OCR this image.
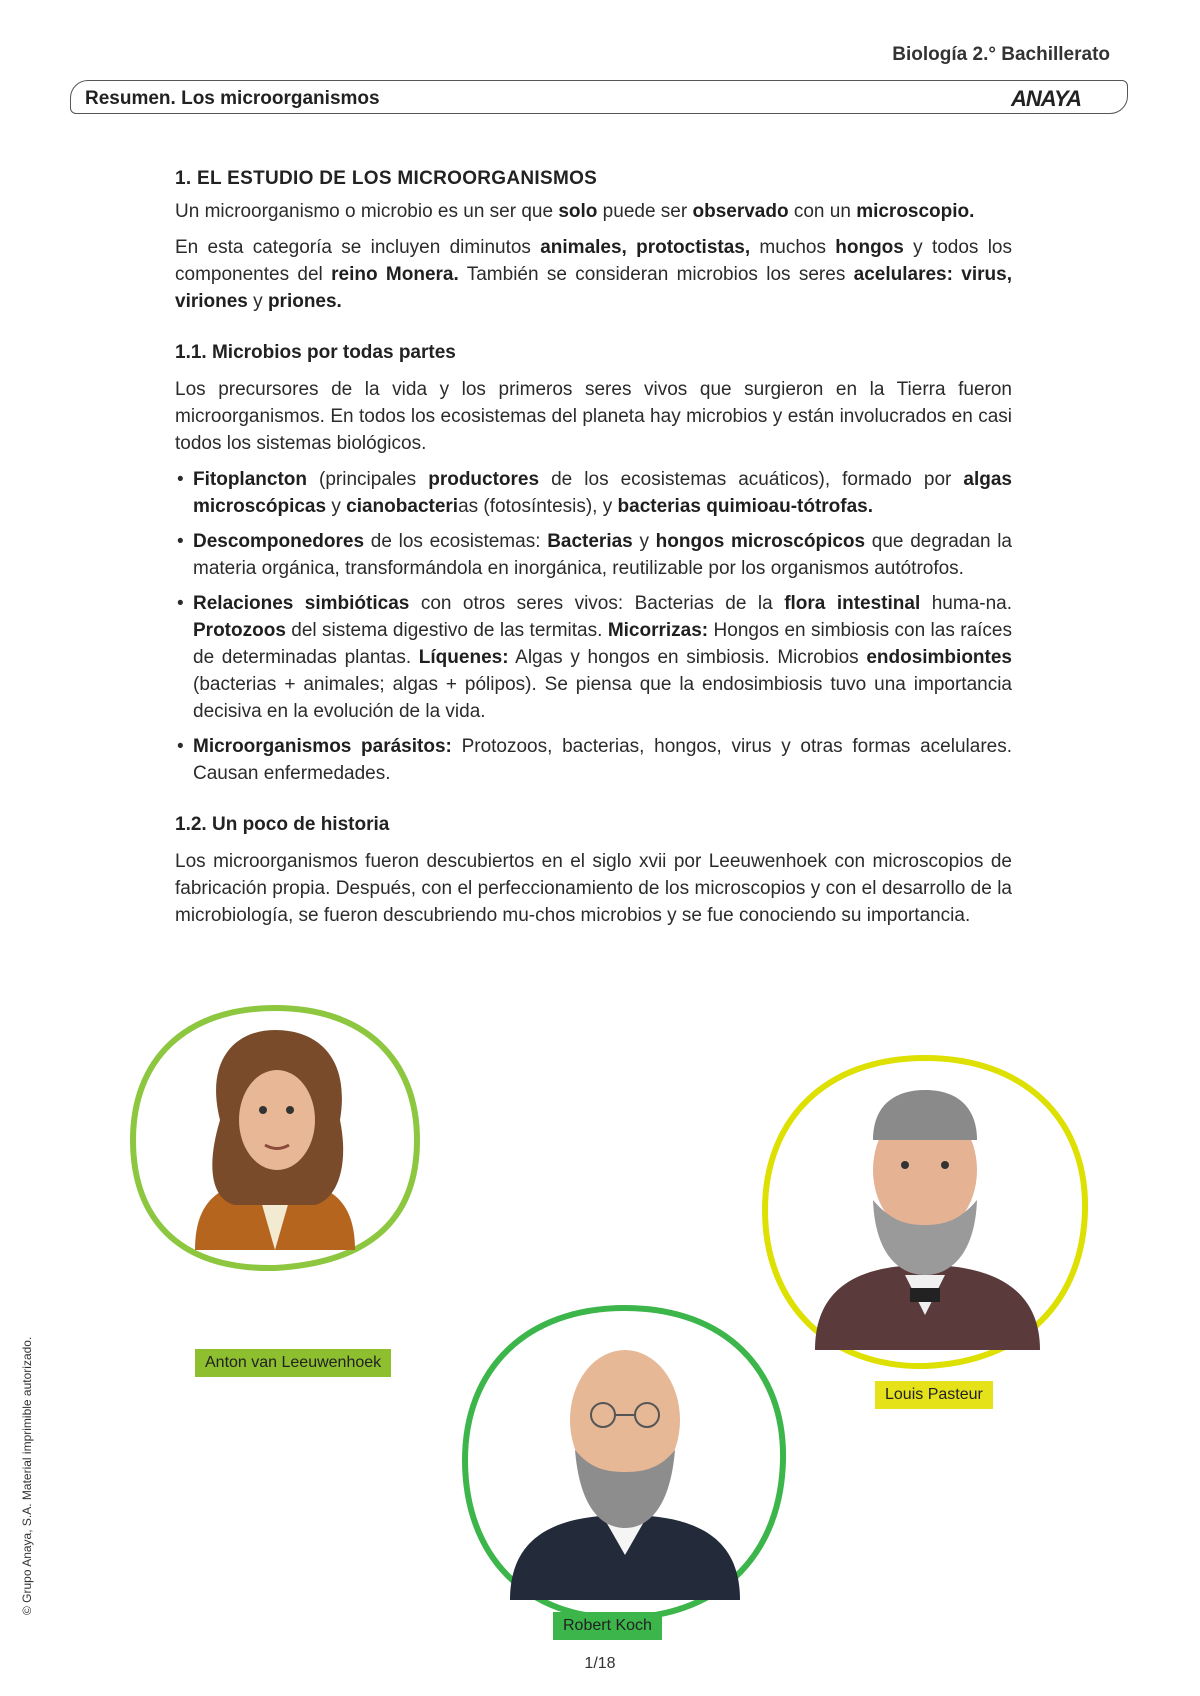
Biología 2.° Bachillerato
Resumen. Los microorganismos	ANAYA
1. EL ESTUDIO DE LOS MICROORGANISMOS

Un microorganismo o microbio es un ser que solo puede ser observado con un microscopio.

En esta categoría se incluyen diminutos animales, protoctistas, muchos hongos y todos los componentes del reino Monera. También se consideran microbios los seres acelulares: virus, viriones y priones.

1.1. Microbios por todas partes

Los precursores de la vida y los primeros seres vivos que surgieron en la Tierra fueron microorganismos. En todos los ecosistemas del planeta hay microbios y están involucrados en casi todos los sistemas biológicos.

• Fitoplancton (principales productores de los ecosistemas acuáticos), formado por algas microscópicas y cianobacterias (fotosíntesis), y bacterias quimioau-tótrofas.
• Descomponedores de los ecosistemas: Bacterias y hongos microscópicos que degradan la materia orgánica, transformándola en inorgánica, reutilizable por los organismos autótrofos.
• Relaciones simbióticas con otros seres vivos: Bacterias de la flora intestinal huma-na. Protozoos del sistema digestivo de las termitas. Micorrizas: Hongos en simbiosis con las raíces de determinadas plantas. Líquenes: Algas y hongos en simbiosis. Microbios endosimbiontes (bacterias + animales; algas + pólipos). Se piensa que la endosimbiosis tuvo una importancia decisiva en la evolución de la vida.
• Microorganismos parásitos: Protozoos, bacterias, hongos, virus y otras formas acelulares. Causan enfermedades.
1.2. Un poco de historia

Los microorganismos fueron descubiertos en el siglo xvii por Leeuwenhoek con microscopios de fabricación propia. Después, con el perfeccionamiento de los microscopios y con el desarrollo de la microbiología, se fueron descubriendo mu-chos microbios y se fue conociendo su importancia.

Anton van Leeuwenhoek
Louis Pasteur
Robert Koch
© Grupo Anaya, S.A. Material imprimible autorizado.
1/18
